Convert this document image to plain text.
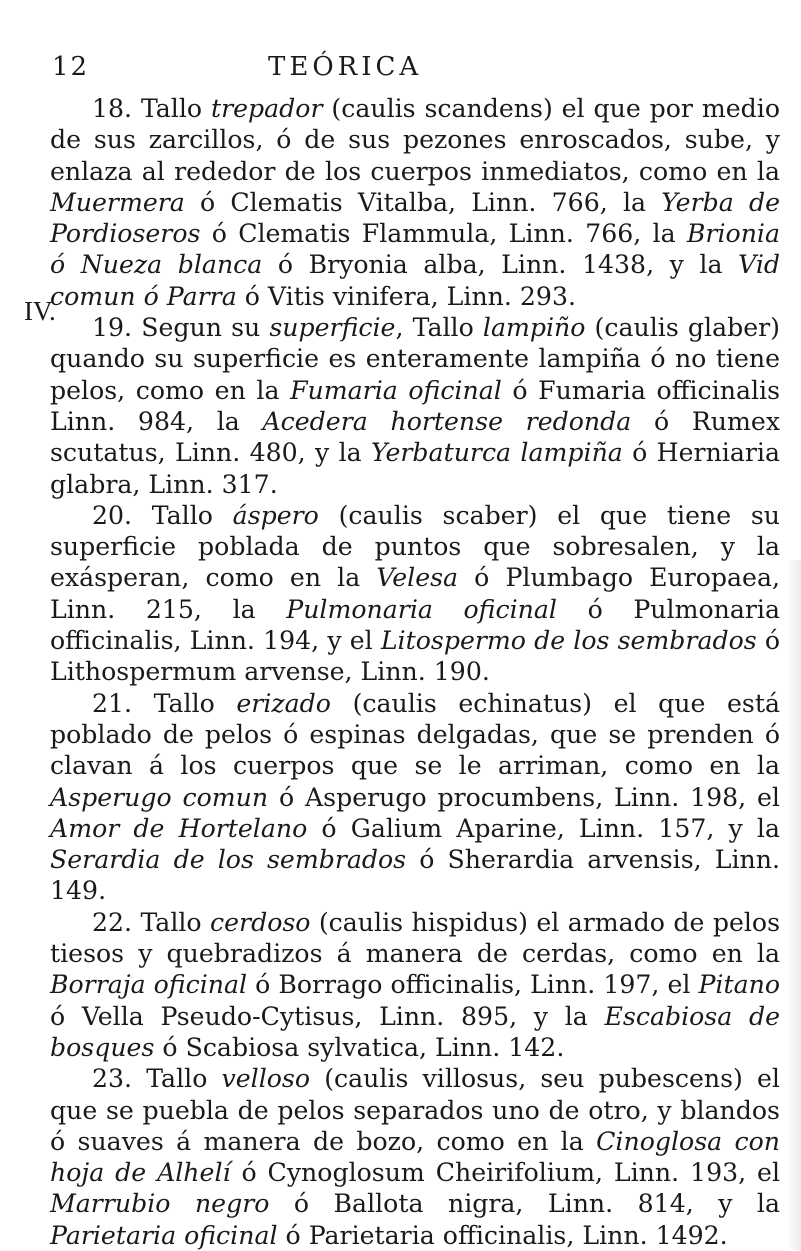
12	TEÓRICA
IV.

18. Tallo trepador (caulis scandens) el que por medio de sus zarcillos, ó de sus pezones enroscados, sube, y enlaza al rededor de los cuerpos inmediatos, como en la Muermera ó Clematis Vitalba, Linn. 766, la Yerba de Pordioseros ó Clematis Flammula, Linn. 766, la Brionia ó Nueza blanca ó Bryonia alba, Linn. 1438, y la Vid comun ó Parra ó Vitis vinifera, Linn. 293.

19. Segun su superficie, Tallo lampiño (caulis glaber) quando su superficie es enteramente lampiña ó no tiene pelos, como en la Fumaria oficinal ó Fumaria officinalis Linn. 984, la Acedera hortense redonda ó Rumex scutatus, Linn. 480, y la Yerbaturca lampiña ó Herniaria glabra, Linn. 317.

20. Tallo áspero (caulis scaber) el que tiene su superficie poblada de puntos que sobresalen, y la exásperan, como en la Velesa ó Plumbago Europaea, Linn. 215, la Pulmonaria oficinal ó Pulmonaria officinalis, Linn. 194, y el Litospermo de los sembrados ó Lithospermum arvense, Linn. 190.

21. Tallo erizado (caulis echinatus) el que está poblado de pelos ó espinas delgadas, que se prenden ó clavan á los cuerpos que se le arriman, como en la Asperugo comun ó Asperugo procumbens, Linn. 198, el Amor de Hortelano ó Galium Aparine, Linn. 157, y la Serardia de los sembrados ó Sherardia arvensis, Linn. 149.

22. Tallo cerdoso (caulis hispidus) el armado de pelos tiesos y quebradizos á manera de cerdas, como en la Borraja oficinal ó Borrago officinalis, Linn. 197, el Pitano ó Vella Pseudo-Cytisus, Linn. 895, y la Escabiosa de bosques ó Scabiosa sylvatica, Linn. 142.

23. Tallo velloso (caulis villosus, seu pubescens) el que se puebla de pelos separados uno de otro, y blandos ó suaves á manera de bozo, como en la Cinoglosa con hoja de Alhelí ó Cynoglosum Cheirifolium, Linn. 193, el Marrubio negro ó Ballota nigra, Linn. 814, y la Parietaria oficinal ó Parietaria officinalis, Linn. 1492.
